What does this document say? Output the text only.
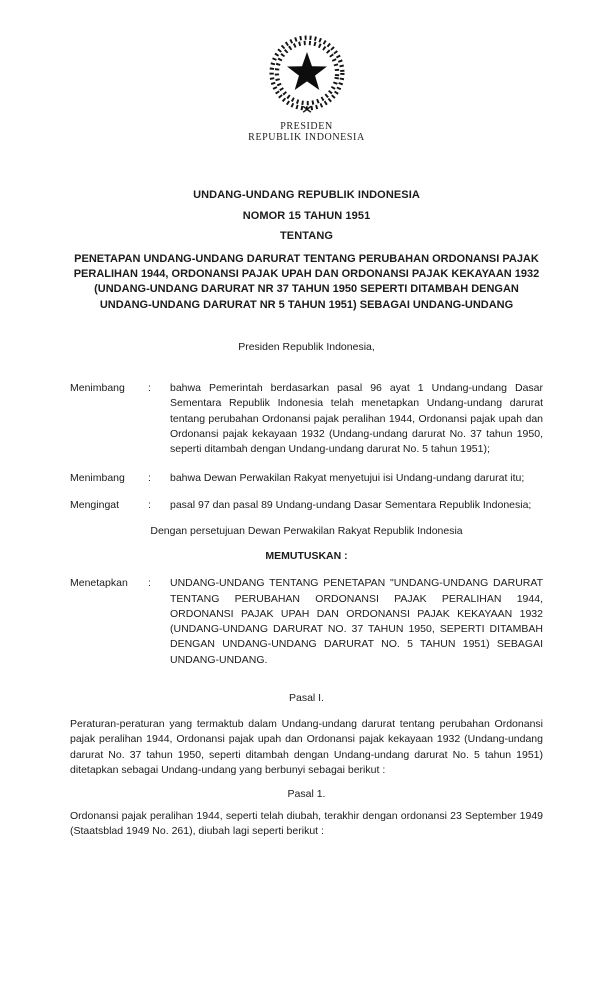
PRESIDEN
REPUBLIK INDONESIA
UNDANG-UNDANG REPUBLIK INDONESIA
NOMOR 15 TAHUN 1951
TENTANG

PENETAPAN UNDANG-UNDANG DARURAT TENTANG PERUBAHAN ORDONANSI PAJAK PERALIHAN 1944, ORDONANSI PAJAK UPAH DAN ORDONANSI PAJAK KEKAYAAN 1932 (UNDANG-UNDANG DARURAT NR 37 TAHUN 1950 SEPERTI DITAMBAH DENGAN UNDANG-UNDANG DARURAT NR 5 TAHUN 1951) SEBAGAI UNDANG-UNDANG

Presiden Republik Indonesia,

Menimbang	:	bahwa Pemerintah berdasarkan pasal 96 ayat 1 Undang-undang Dasar Sementara Republik Indonesia telah menetapkan Undang-undang darurat tentang perubahan Ordonansi pajak peralihan 1944, Ordonansi pajak upah dan Ordonansi pajak kekayaan 1932 (Undang-undang darurat No. 37 tahun 1950, seperti ditambah dengan Undang-undang darurat No. 5 tahun 1951);
Menimbang	:	bahwa Dewan Perwakilan Rakyat menyetujui isi Undang-undang darurat itu;
Mengingat	:	pasal 97 dan pasal 89 Undang-undang Dasar Sementara Republik Indonesia;

Dengan persetujuan Dewan Perwakilan Rakyat Republik Indonesia

MEMUTUSKAN :

Menetapkan	:	UNDANG-UNDANG TENTANG PENETAPAN "UNDANG-UNDANG DARURAT TENTANG PERUBAHAN ORDONANSI PAJAK PERALIHAN 1944, ORDONANSI PAJAK UPAH DAN ORDONANSI PAJAK KEKAYAAN 1932 (UNDANG-UNDANG DARURAT NO. 37 TAHUN 1950, SEPERTI DITAMBAH DENGAN UNDANG-UNDANG DARURAT NO. 5 TAHUN 1951) SEBAGAI UNDANG-UNDANG.

Pasal I.

Peraturan-peraturan yang termaktub dalam Undang-undang darurat tentang perubahan Ordonansi pajak peralihan 1944, Ordonansi pajak upah dan Ordonansi pajak kekayaan 1932 (Undang-undang darurat No. 37 tahun 1950, seperti ditambah dengan Undang-undang darurat No. 5 tahun 1951) ditetapkan sebagai Undang-undang yang berbunyi sebagai berikut :

Pasal 1.

Ordonansi pajak peralihan 1944, seperti telah diubah, terakhir dengan ordonansi 23 September 1949 (Staatsblad 1949 No. 261), diubah lagi seperti berikut :
